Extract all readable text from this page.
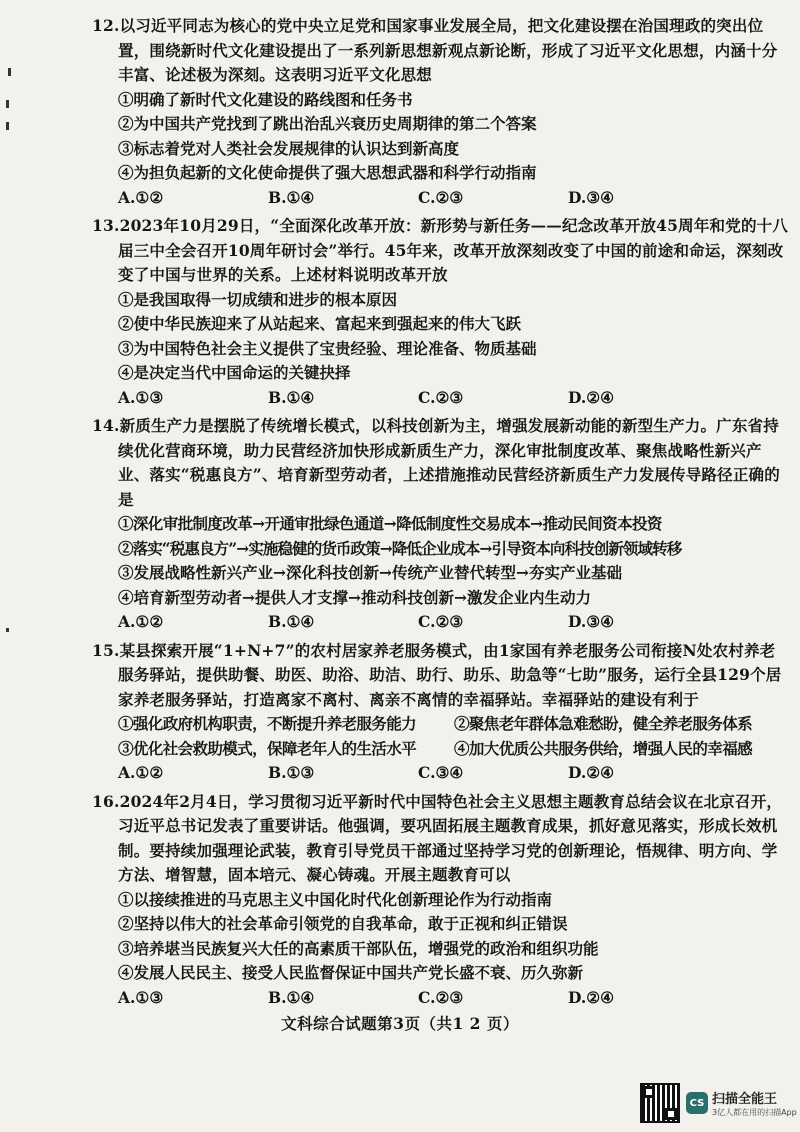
12.以习近平同志为核心的党中央立足党和国家事业发展全局，把文化建设摆在治国理政的突出位置，围绕新时代文化建设提出了一系列新思想新观点新论断，形成了习近平文化思想，内涵十分丰富、论述极为深刻。这表明习近平文化思想

①明确了新时代文化建设的路线图和任务书

②为中国共产党找到了跳出治乱兴衰历史周期律的第二个答案

③标志着党对人类社会发展规律的认识达到新高度

④为担负起新的文化使命提供了强大思想武器和科学行动指南

A.①②	B.①④	C.②③	D.③④

13.2023年10月29日，“全面深化改革开放：新形势与新任务——纪念改革开放45周年和党的十八届三中全会召开10周年研讨会”举行。45年来，改革开放深刻改变了中国的前途和命运，深刻改变了中国与世界的关系。上述材料说明改革开放

①是我国取得一切成绩和进步的根本原因

②使中华民族迎来了从站起来、富起来到强起来的伟大飞跃

③为中国特色社会主义提供了宝贵经验、理论准备、物质基础

④是决定当代中国命运的关键抉择

A.①③	B.①④	C.②③	D.②④

14.新质生产力是摆脱了传统增长模式，以科技创新为主，增强发展新动能的新型生产力。广东省持续优化营商环境，助力民营经济加快形成新质生产力，深化审批制度改革、聚焦战略性新兴产业、落实“税惠良方”、培育新型劳动者，上述措施推动民营经济新质生产力发展传导路径正确的是

①深化审批制度改革→开通审批绿色通道→降低制度性交易成本→推动民间资本投资

②落实“税惠良方”→实施稳健的货币政策→降低企业成本→引导资本向科技创新领域转移

③发展战略性新兴产业→深化科技创新→传统产业替代转型→夯实产业基础

④培育新型劳动者→提供人才支撑→推动科技创新→激发企业内生动力

A.①②	B.①④	C.②③	D.③④

15.某县探索开展“1+N+7”的农村居家养老服务模式，由1家国有养老服务公司衔接N处农村养老服务驿站，提供助餐、助医、助浴、助洁、助行、助乐、助急等“七助”服务，运行全县129个居家养老服务驿站，打造离家不离村、离亲不离情的幸福驿站。幸福驿站的建设有利于

①强化政府机构职责，不断提升养老服务能力	②聚焦老年群体急难愁盼，健全养老服务体系
③优化社会救助模式，保障老年人的生活水平	④加大优质公共服务供给，增强人民的幸福感
A.①②	B.①③	C.③④	D.②④

16.2024年2月4日，学习贯彻习近平新时代中国特色社会主义思想主题教育总结会议在北京召开，习近平总书记发表了重要讲话。他强调，要巩固拓展主题教育成果，抓好意见落实，形成长效机制。要持续加强理论武装，教育引导党员干部通过坚持学习党的创新理论，悟规律、明方向、学方法、增智慧，固本培元、凝心铸魂。开展主题教育可以

①以接续推进的马克思主义中国化时代化创新理论作为行动指南

②坚持以伟大的社会革命引领党的自我革命，敢于正视和纠正错误

③培养堪当民族复兴大任的高素质干部队伍，增强党的政治和组织功能

④发展人民民主、接受人民监督保证中国共产党长盛不衰、历久弥新

A.①③	B.①④	C.②③	D.②④
文科综合试题第3页（共1 2 页）
CS 扫描全能王
3亿人都在用的扫描App
